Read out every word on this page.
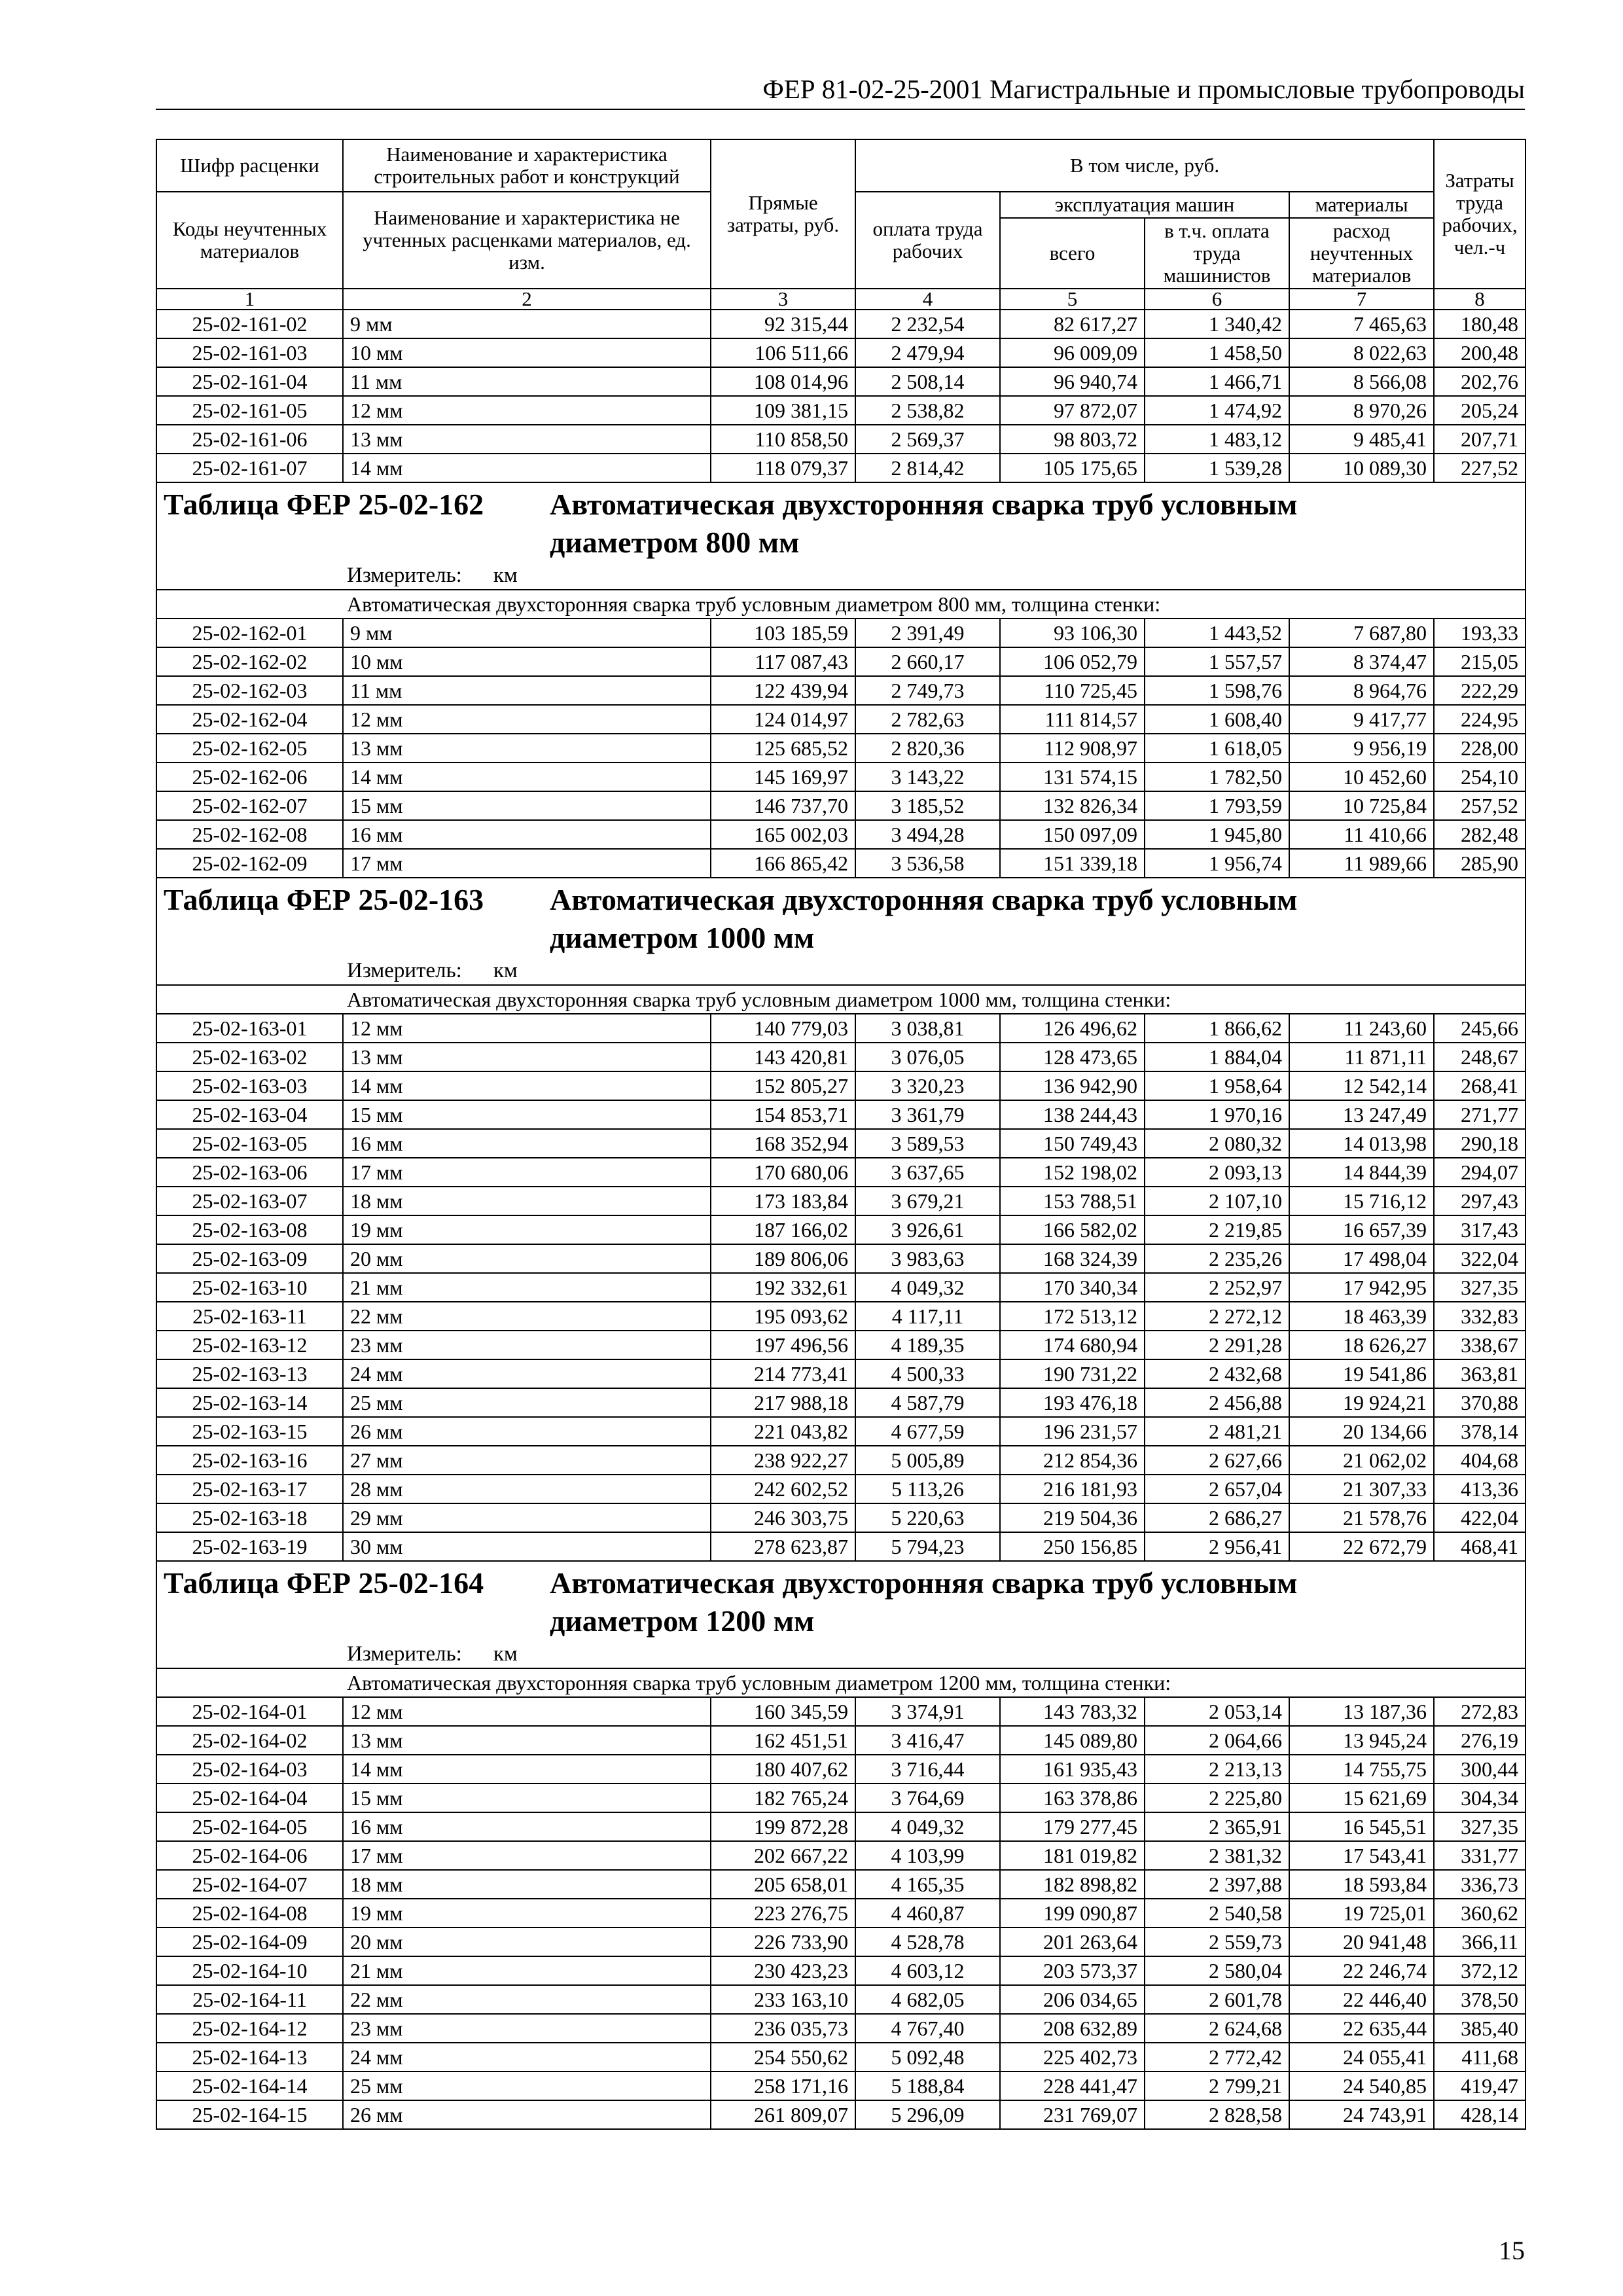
ФЕР 81-02-25-2001 Магистральные и промысловые трубопроводы
Шифр расценки	Наименование и характеристика строительных работ и конструкций	Прямые затраты, руб.	В том числе, руб.				Затраты труда рабочих, чел.-ч
Коды неучтенных материалов	Наименование и характеристика не учтенных расценками материалов, ед. изм.		оплата труда рабочих	эксплуатация машин		материалы	
				всего	в т.ч. оплата труда машинистов	расход неучтенных материалов	
1	2	3	4	5	6	7	8
25-02-161-02	9 мм	92 315,44	2 232,54	82 617,27	1 340,42	7 465,63	180,48
25-02-161-03	10 мм	106 511,66	2 479,94	96 009,09	1 458,50	8 022,63	200,48
25-02-161-04	11 мм	108 014,96	2 508,14	96 940,74	1 466,71	8 566,08	202,76
25-02-161-05	12 мм	109 381,15	2 538,82	97 872,07	1 474,92	8 970,26	205,24
25-02-161-06	13 мм	110 858,50	2 569,37	98 803,72	1 483,12	9 485,41	207,71
25-02-161-07	14 мм	118 079,37	2 814,42	105 175,65	1 539,28	10 089,30	227,52
Таблица ФЕР 25-02-162 Автоматическая двухсторонняя сварка труб условным
диаметром 800 мм							
Измеритель: км							
Автоматическая двухсторонняя сварка труб условным диаметром 800 мм, толщина стенки:							
25-02-162-01	9 мм	103 185,59	2 391,49	93 106,30	1 443,52	7 687,80	193,33
25-02-162-02	10 мм	117 087,43	2 660,17	106 052,79	1 557,57	8 374,47	215,05
25-02-162-03	11 мм	122 439,94	2 749,73	110 725,45	1 598,76	8 964,76	222,29
25-02-162-04	12 мм	124 014,97	2 782,63	111 814,57	1 608,40	9 417,77	224,95
25-02-162-05	13 мм	125 685,52	2 820,36	112 908,97	1 618,05	9 956,19	228,00
25-02-162-06	14 мм	145 169,97	3 143,22	131 574,15	1 782,50	10 452,60	254,10
25-02-162-07	15 мм	146 737,70	3 185,52	132 826,34	1 793,59	10 725,84	257,52
25-02-162-08	16 мм	165 002,03	3 494,28	150 097,09	1 945,80	11 410,66	282,48
25-02-162-09	17 мм	166 865,42	3 536,58	151 339,18	1 956,74	11 989,66	285,90
Таблица ФЕР 25-02-163 Автоматическая двухсторонняя сварка труб условным
диаметром 1000 мм							
Измеритель: км							
Автоматическая двухсторонняя сварка труб условным диаметром 1000 мм, толщина стенки:							
25-02-163-01	12 мм	140 779,03	3 038,81	126 496,62	1 866,62	11 243,60	245,66
25-02-163-02	13 мм	143 420,81	3 076,05	128 473,65	1 884,04	11 871,11	248,67
25-02-163-03	14 мм	152 805,27	3 320,23	136 942,90	1 958,64	12 542,14	268,41
25-02-163-04	15 мм	154 853,71	3 361,79	138 244,43	1 970,16	13 247,49	271,77
25-02-163-05	16 мм	168 352,94	3 589,53	150 749,43	2 080,32	14 013,98	290,18
25-02-163-06	17 мм	170 680,06	3 637,65	152 198,02	2 093,13	14 844,39	294,07
25-02-163-07	18 мм	173 183,84	3 679,21	153 788,51	2 107,10	15 716,12	297,43
25-02-163-08	19 мм	187 166,02	3 926,61	166 582,02	2 219,85	16 657,39	317,43
25-02-163-09	20 мм	189 806,06	3 983,63	168 324,39	2 235,26	17 498,04	322,04
25-02-163-10	21 мм	192 332,61	4 049,32	170 340,34	2 252,97	17 942,95	327,35
25-02-163-11	22 мм	195 093,62	4 117,11	172 513,12	2 272,12	18 463,39	332,83
25-02-163-12	23 мм	197 496,56	4 189,35	174 680,94	2 291,28	18 626,27	338,67
25-02-163-13	24 мм	214 773,41	4 500,33	190 731,22	2 432,68	19 541,86	363,81
25-02-163-14	25 мм	217 988,18	4 587,79	193 476,18	2 456,88	19 924,21	370,88
25-02-163-15	26 мм	221 043,82	4 677,59	196 231,57	2 481,21	20 134,66	378,14
25-02-163-16	27 мм	238 922,27	5 005,89	212 854,36	2 627,66	21 062,02	404,68
25-02-163-17	28 мм	242 602,52	5 113,26	216 181,93	2 657,04	21 307,33	413,36
25-02-163-18	29 мм	246 303,75	5 220,63	219 504,36	2 686,27	21 578,76	422,04
25-02-163-19	30 мм	278 623,87	5 794,23	250 156,85	2 956,41	22 672,79	468,41
Таблица ФЕР 25-02-164 Автоматическая двухсторонняя сварка труб условным
диаметром 1200 мм							
Измеритель: км							
Автоматическая двухсторонняя сварка труб условным диаметром 1200 мм, толщина стенки:							
25-02-164-01	12 мм	160 345,59	3 374,91	143 783,32	2 053,14	13 187,36	272,83
25-02-164-02	13 мм	162 451,51	3 416,47	145 089,80	2 064,66	13 945,24	276,19
25-02-164-03	14 мм	180 407,62	3 716,44	161 935,43	2 213,13	14 755,75	300,44
25-02-164-04	15 мм	182 765,24	3 764,69	163 378,86	2 225,80	15 621,69	304,34
25-02-164-05	16 мм	199 872,28	4 049,32	179 277,45	2 365,91	16 545,51	327,35
25-02-164-06	17 мм	202 667,22	4 103,99	181 019,82	2 381,32	17 543,41	331,77
25-02-164-07	18 мм	205 658,01	4 165,35	182 898,82	2 397,88	18 593,84	336,73
25-02-164-08	19 мм	223 276,75	4 460,87	199 090,87	2 540,58	19 725,01	360,62
25-02-164-09	20 мм	226 733,90	4 528,78	201 263,64	2 559,73	20 941,48	366,11
25-02-164-10	21 мм	230 423,23	4 603,12	203 573,37	2 580,04	22 246,74	372,12
25-02-164-11	22 мм	233 163,10	4 682,05	206 034,65	2 601,78	22 446,40	378,50
25-02-164-12	23 мм	236 035,73	4 767,40	208 632,89	2 624,68	22 635,44	385,40
25-02-164-13	24 мм	254 550,62	5 092,48	225 402,73	2 772,42	24 055,41	411,68
25-02-164-14	25 мм	258 171,16	5 188,84	228 441,47	2 799,21	24 540,85	419,47
25-02-164-15	26 мм	261 809,07	5 296,09	231 769,07	2 828,58	24 743,91	428,14
15
